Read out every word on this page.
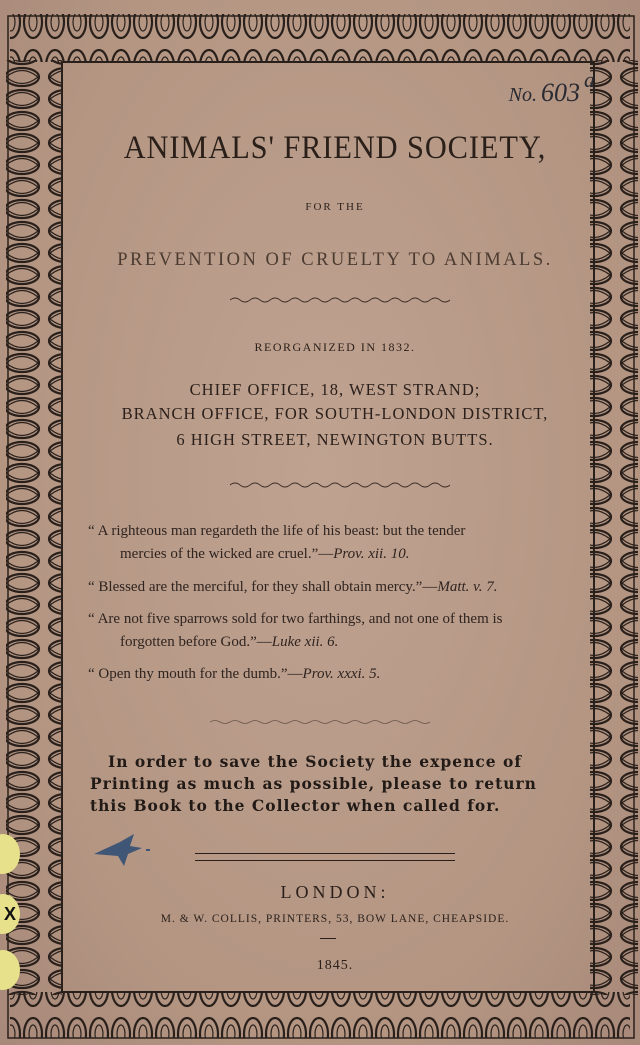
No. 603 $^a$
ANIMALS' FRIEND SOCIETY,
FOR THE
PREVENTION OF CRUELTY TO ANIMALS.
REORGANIZED IN 1832.
CHIEF OFFICE, 18, WEST STRAND;
BRANCH OFFICE, FOR SOUTH-LONDON DISTRICT,
6 HIGH STREET, NEWINGTON BUTTS.
“ A righteous man regardeth the life of his beast: but the tender
mercies of the wicked are cruel.”—Prov. xii. 10.
“ Blessed are the merciful, for they shall obtain mercy.”—Matt. v. 7.
“ Are not five sparrows sold for two farthings, and not one of them is
forgotten before God.”—Luke xii. 6.
“ Open thy mouth for the dumb.”—Prov. xxxi. 5.
In order to save the Society the expence of
Printing as much as possible, please to return
this Book to the Collector when called for.
LONDON:
M. & W. COLLIS, PRINTERS, 53, BOW LANE, CHEAPSIDE.
1845.
X
